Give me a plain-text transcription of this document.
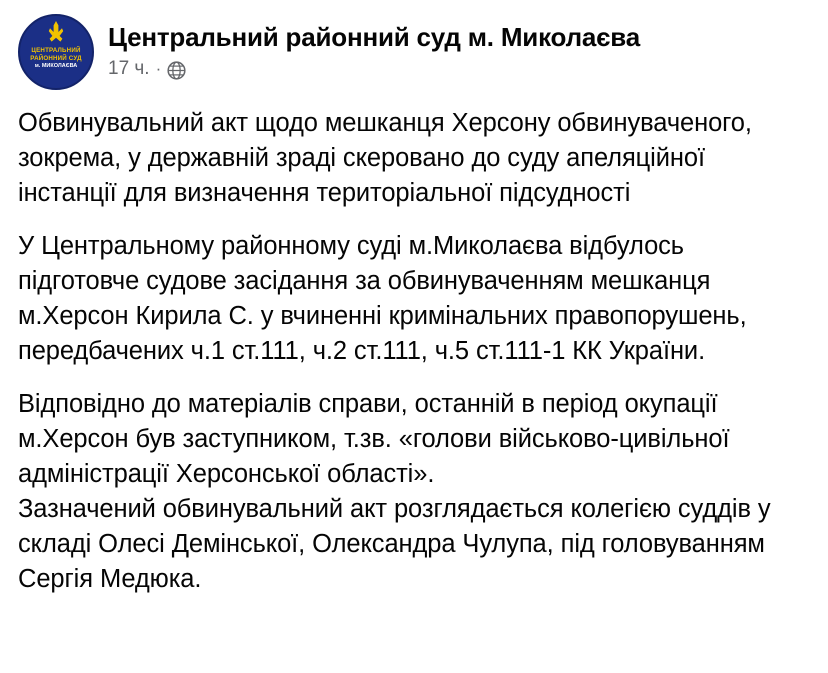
ЦЕНТРАЛЬНИЙ РАЙОННИЙ СУД
м. МИКОЛАЄВА
Центральний районний суд м. Миколаєва
17 ч. ·

Обвинувальний акт щодо мешканця Херсону обвинуваченого, зокрема, у державній зраді скеровано до суду апеляційної інстанції для визначення територіальної підсудності

У Центральному районному суді м.Миколаєва відбулось підготовче судове засідання за обвинуваченням мешканця м.Херсон Кирила С. у вчиненні кримінальних правопорушень, передбачених ч.1 ст.111, ч.2 ст.111, ч.5 ст.111-1 КК України.

Відповідно до матеріалів справи, останній в період окупації м.Херсон був заступником, т.зв. «голови військово-цивільної адміністрації Херсонської області».

Зазначений обвинувальний акт розглядається колегією суддів у складі Олесі Демінської, Олександра Чулупа, під головуванням Сергія Медюка.
